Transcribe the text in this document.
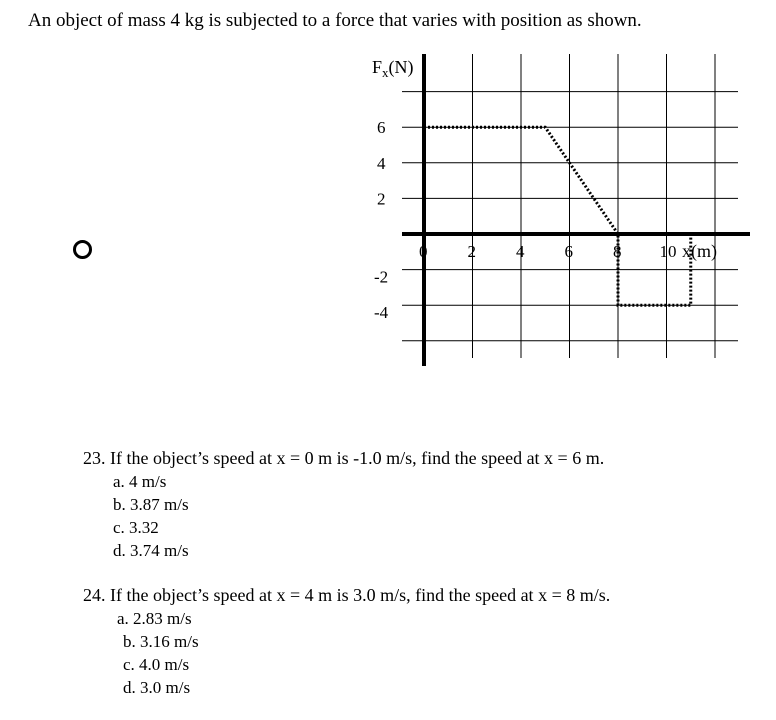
An object of mass 4 kg is subjected to a force that varies with position as shown.
0 2 4 6 8 10
6
4
2
-2
-4
$F_x(N)$
x(m)
23. If the object’s speed at x = 0 m is -1.0 m/s, find the speed at x = 6 m.
a. 4 m/s
b. 3.87 m/s
c. 3.32
d. 3.74 m/s
24. If the object’s speed at x = 4 m is 3.0 m/s, find the speed at x = 8 m/s.
a. 2.83 m/s
b. 3.16 m/s
c. 4.0 m/s
d. 3.0 m/s
